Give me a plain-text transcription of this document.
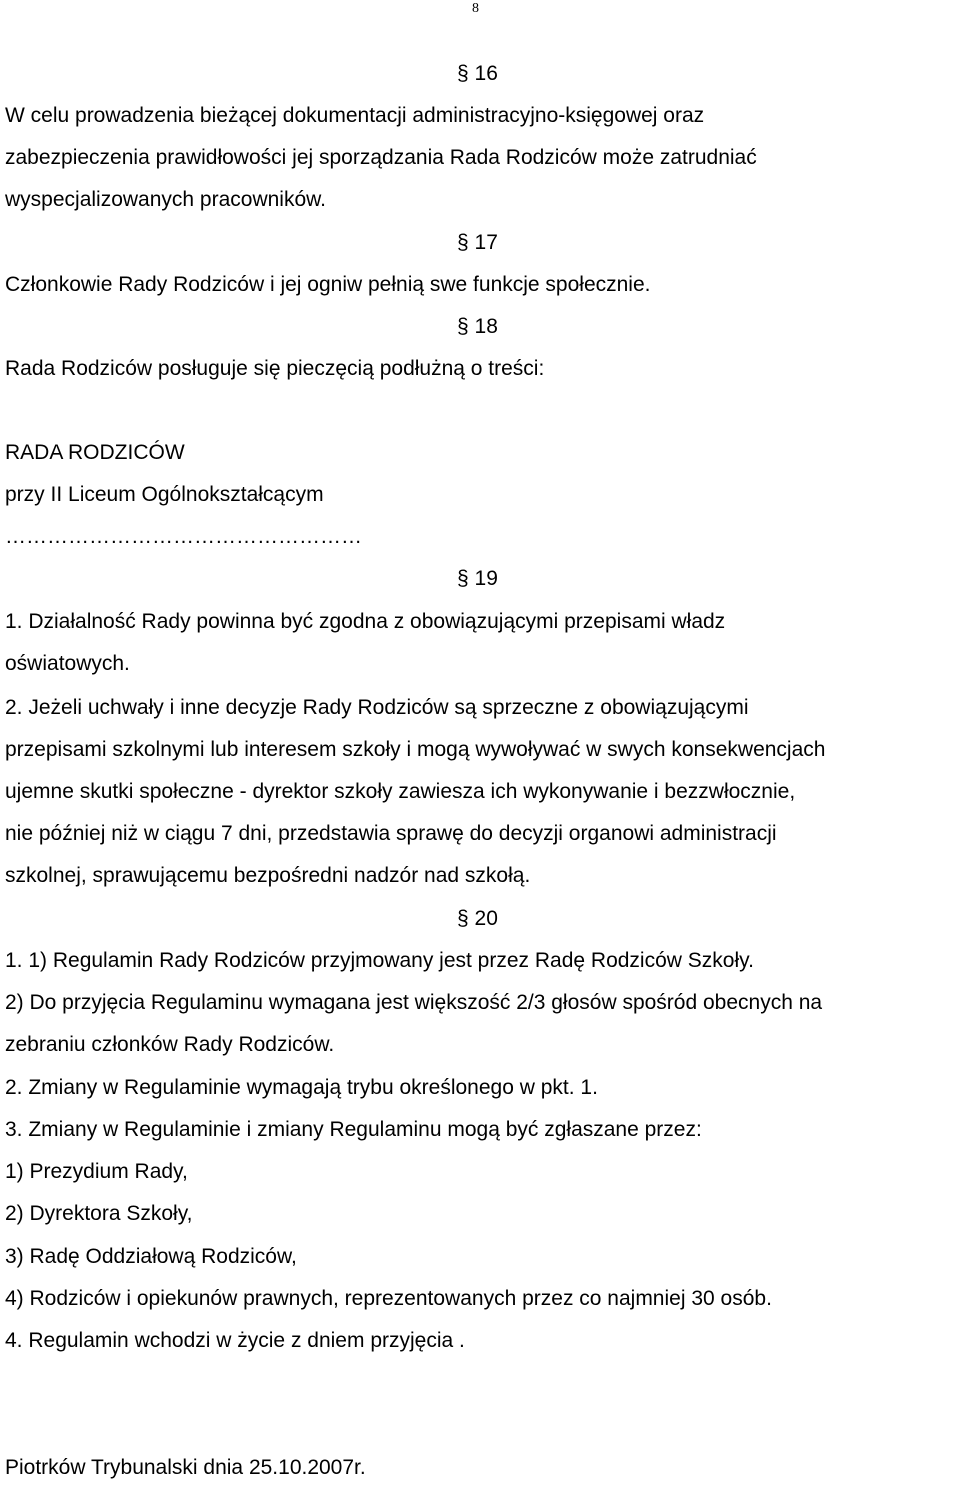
8
§ 16
W celu prowadzenia bieżącej dokumentacji administracyjno-księgowej oraz
zabezpieczenia prawidłowości jej sporządzania Rada Rodziców może zatrudniać
wyspecjalizowanych pracowników.
§ 17
Członkowie Rady Rodziców i jej ogniw pełnią swe funkcje społecznie.
§ 18
Rada Rodziców posługuje się pieczęcią podłużną o treści:
RADA RODZICÓW
przy II Liceum Ogólnokształcącym
……………………………………………
§ 19
1. Działalność Rady powinna być zgodna z obowiązującymi przepisami władz
oświatowych.
2. Jeżeli uchwały i inne decyzje Rady Rodziców są sprzeczne z obowiązującymi
przepisami szkolnymi lub interesem szkoły i mogą wywoływać w swych konsekwencjach
ujemne skutki społeczne - dyrektor szkoły zawiesza ich wykonywanie i bezzwłocznie,
nie później niż w ciągu 7 dni, przedstawia sprawę do decyzji organowi administracji
szkolnej, sprawującemu bezpośredni nadzór nad szkołą.
§ 20
1. 1) Regulamin Rady Rodziców przyjmowany jest przez Radę Rodziców Szkoły.
2) Do przyjęcia Regulaminu wymagana jest większość 2/3 głosów spośród obecnych na
zebraniu członków Rady Rodziców.
2. Zmiany w Regulaminie wymagają trybu określonego w pkt. 1.
3. Zmiany w Regulaminie i zmiany Regulaminu mogą być zgłaszane przez:
1) Prezydium Rady,
2) Dyrektora Szkoły,
3) Radę Oddziałową Rodziców,
4) Rodziców i opiekunów prawnych, reprezentowanych przez co najmniej 30 osób.
4. Regulamin wchodzi w życie z dniem przyjęcia .
Piotrków Trybunalski dnia 25.10.2007r.
